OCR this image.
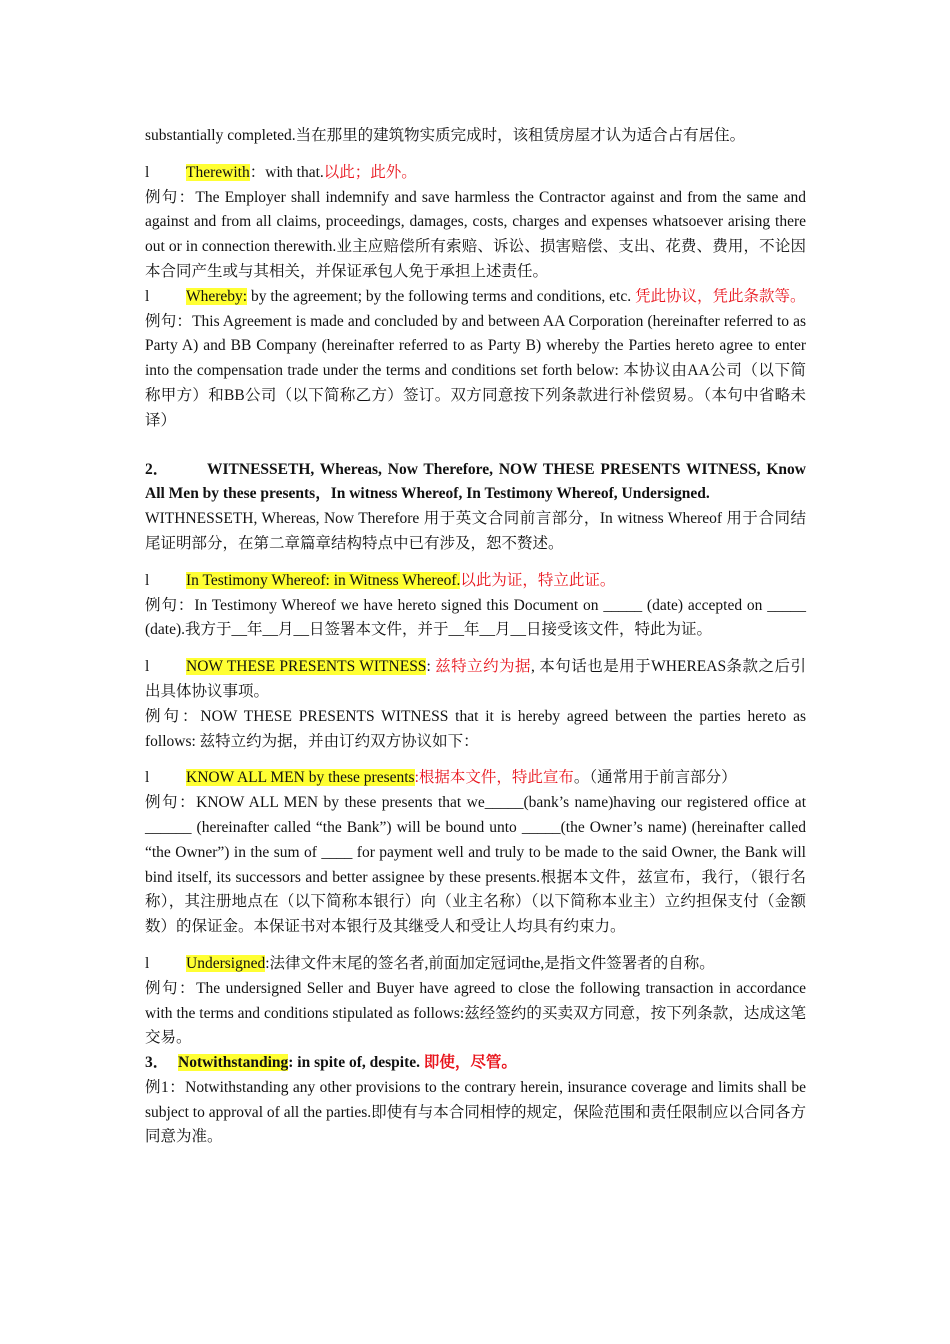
substantially completed.当在那里的建筑物实质完成时，该租赁房屋才认为适合占有居住。

l Therewith：with that.以此；此外。

例句：The Employer shall indemnify and save harmless the Contractor against and from the same and against and from all claims, proceedings, damages, costs, charges and expenses whatsoever arising there out or in connection therewith.业主应赔偿所有索赔、诉讼、损害赔偿、支出、花费、费用，不论因本合同产生或与其相关，并保证承包人免于承担上述责任。

l Whereby: by the agreement; by the following terms and conditions, etc. 凭此协议，凭此条款等。

例句：This Agreement is made and concluded by and between AA Corporation (hereinafter referred to as Party A) and BB Company (hereinafter referred to as Party B) whereby the Parties hereto agree to enter into the compensation trade under the terms and conditions set forth below: 本协议由AA公司（以下简称甲方）和BB公司（以下简称乙方）签订。双方同意按下列条款进行补偿贸易。（本句中省略未译）

2． WITNESSETH, Whereas, Now Therefore, NOW THESE PRESENTS WITNESS, Know All Men by these presents，In witness Whereof, In Testimony Whereof, Undersigned.

WITHNESSETH, Whereas, Now Therefore 用于英文合同前言部分，In witness Whereof 用于合同结尾证明部分，在第二章篇章结构特点中已有涉及，恕不赘述。

l In Testimony Whereof: in Witness Whereof.以此为证，特立此证。

例句：In Testimony Whereof we have hereto signed this Document on _____ (date) accepted on _____ (date).我方于__年__月__日签署本文件，并于__年__月__日接受该文件，特此为证。

l NOW THESE PRESENTS WITNESS: 兹特立约为据, 本句话也是用于WHEREAS条款之后引出具体协议事项。

例句：NOW THESE PRESENTS WITNESS that it is hereby agreed between the parties hereto as follows: 兹特立约为据，并由订约双方协议如下：

l KNOW ALL MEN by these presents:根据本文件，特此宣布。（通常用于前言部分）

例句：KNOW ALL MEN by these presents that we_____(bank’s name)having our registered office at ______ (hereinafter called “the Bank”) will be bound unto _____(the Owner’s name) (hereinafter called “the Owner”) in the sum of ____ for payment well and truly to be made to the said Owner, the Bank will bind itself, its successors and better assignee by these presents.根据本文件，兹宣布，我行，（银行名称），其注册地点在（以下简称本银行）向（业主名称）（以下简称本业主）立约担保支付（金额数）的保证金。本保证书对本银行及其继受人和受让人均具有约束力。

l Undersigned:法律文件末尾的签名者,前面加定冠词the,是指文件签署者的自称。

例句：The undersigned Seller and Buyer have agreed to close the following transaction in accordance with the terms and conditions stipulated as follows:兹经签约的买卖双方同意，按下列条款，达成这笔交易。

3． Notwithstanding: in spite of, despite. 即使，尽管。

例1：Notwithstanding any other provisions to the contrary herein, insurance coverage and limits shall be subject to approval of all the parties.即使有与本合同相悖的规定，保险范围和责任限制应以合同各方同意为准。
